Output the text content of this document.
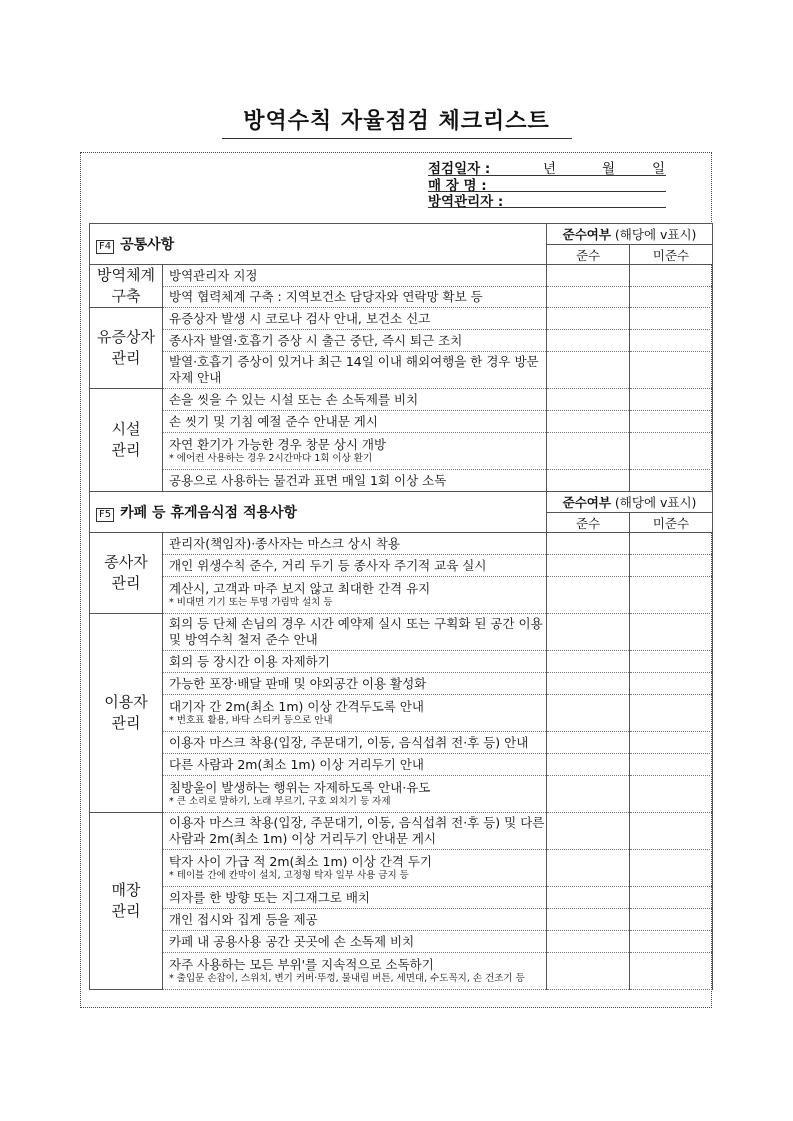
방역수칙 자율점검 체크리스트
점검일자 :	년	월	일
매 장 명 :
방역관리자 :
F4 공통사항		준수여부 (해당에 v표시)	
		준수	미준수
방역체계
구축	방역관리자 지정		
	방역 협력체계 구축 : 지역보건소 담당자와 연락망 확보 등		
유증상자
관리	유증상자 발생 시 코로나 검사 안내, 보건소 신고		
	종사자 발열·호흡기 증상 시 출근 중단, 즉시 퇴근 조치		
	발열·호흡기 증상이 있거나 최근 14일 이내 해외여행을 한 경우 방문 자제 안내		
시설
관리	손을 씻을 수 있는 시설 또는 손 소독제를 비치		
	손 씻기 및 기침 예절 준수 안내문 게시		
	자연 환기가 가능한 경우 창문 상시 개방
* 에어컨 사용하는 경우 2시간마다 1회 이상 환기		

	공용으로 사용하는 물건과 표면 매일 1회 이상 소독		
F5 카페 등 휴게음식점 적용사항		준수여부 (해당에 v표시)	
		준수	미준수
종사자
관리	관리자(책임자)·종사자는 마스크 상시 착용		
	개인 위생수칙 준수, 거리 두기 등 종사자 주기적 교육 실시		
	계산시, 고객과 마주 보지 않고 최대한 간격 유지
* 비대면 기기 또는 투명 가림막 설치 등		

이용자
관리	회의 등 단체 손님의 경우 시간 예약제 실시 또는 구획화 된 공간 이용 및 방역수칙 철저 준수 안내		
	회의 등 장시간 이용 자제하기		
	가능한 포장·배달 판매 및 야외공간 이용 활성화		
	대기자 간 2m(최소 1m) 이상 간격두도록 안내
* 번호표 활용, 바닥 스티커 등으로 안내		

	이용자 마스크 착용(입장, 주문대기, 이동, 음식섭취 전·후 등) 안내		
	다른 사람과 2m(최소 1m) 이상 거리두기 안내		
	침방울이 발생하는 행위는 자제하도록 안내·유도
* 큰 소리로 말하기, 노래 부르기, 구호 외치기 등 자제		

매장
관리	이용자 마스크 착용(입장, 주문대기, 이동, 음식섭취 전·후 등) 및 다른 사람과 2m(최소 1m) 이상 거리두기 안내문 게시		
	탁자 사이 가급 적 2m(최소 1m) 이상 간격 두기
* 테이블 간에 칸막이 설치, 고정형 탁자 일부 사용 금지 등		

	의자를 한 방향 또는 지그재그로 배치		
	개인 접시와 집게 등을 제공		
	카페 내 공용사용 공간 곳곳에 손 소독제 비치		
	자주 사용하는 모든 부위'를 지속적으로 소독하기
* 출입문 손잡이, 스위치, 변기 커버·뚜껑, 물내림 버튼, 세면대, 수도꼭지, 손 건조기 등		
